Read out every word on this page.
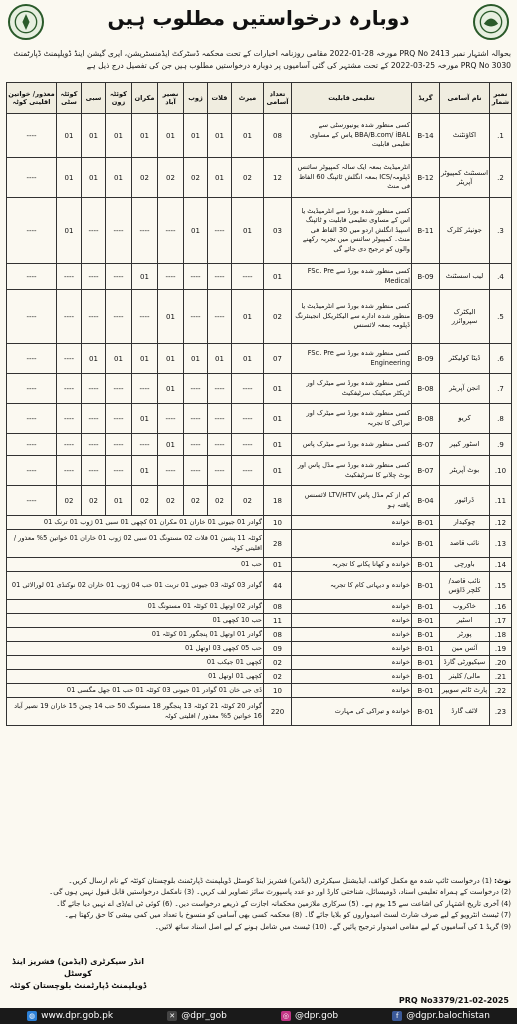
دوبارہ درخواستیں مطلوب ہیں
بحوالہ اشتہار نمبر PRQ No 2413 مورخہ 28-01-2022 مقامی روزنامہ اخبارات کے تحت محکمہ ڈسٹرکٹ ایڈمنسٹریشن، ایری گیشن اینڈ ڈویلپمنٹ ڈپارٹمنٹ
PRQ No 3030 مورخہ 25-03-2022 کے تحت مشتہر کی گئی آسامیوں پر دوبارہ درخواستیں مطلوب ہیں جن کی تفصیل درج ذیل ہے
نمبر شمار	نام آسامی	گریڈ	تعلیمی قابلیت	تعداد آسامی	میرٹ	قلات	ژوب	نصیر آباد	مکران	کوئٹہ زون	سبی	کوئٹہ سٹی	معذور/ خواتین اقلیتی کوٹہ
1.	اکاؤنٹنٹ	B-14	کسی منظور شدہ یونیورسٹی سے BBA/B.com/ iBAL یاس کے مساوی تعلیمی قابلیت	08	01	01	01	01	01	01	01	01	----
2.	اسسٹنٹ کمپیوٹر آپریٹر	B-12	انٹرمیڈیٹ بمعہ ایک سالہ کمپیوٹر سائنس ڈپلومہ/ICS بمعہ انگلش ٹائپنگ 60 الفاظ فی منٹ	12	02	01	02	02	02	01	01	01	----
3.	جونیئر کلرک	B-11	کسی منظور شدہ بورڈ سے انٹرمیڈیٹ یا اس کے مساوی تعلیمی قابلیت و ٹائپنگ اسپیڈ انگلش اردو میں 30 الفاظ فی منٹ۔ کمپیوٹر سائنس میں تجربہ رکھنے والوں کو ترجیح دی جائے گی	03	01	----	01	----	----	----	----	01	----
4.	لیب اسسٹنٹ	B-09	کسی منظور شدہ بورڈ سے FSc. Pre Medical	01	----	----	----	----	01	----	----	----	----
5.	الیکٹرک سپروائزر	B-09	کسی منظور شدہ بورڈ سے انٹرمیڈیٹ یا منظور شدہ ادارے سے الیکٹریکل انجینئرنگ ڈپلومہ بمعہ لائسنس	02	01	----	----	01	----	----	----	----	----
6.	ڈیٹا کولیکٹر	B-09	کسی منظور شدہ بورڈ سے FSc. Pre Engineering	07	01	01	01	01	01	01	01	----	----
7.	انجن آپریٹر	B-08	کسی منظور شدہ بورڈ سے میٹرک اور ٹریکٹر میکینک سرٹیفکیٹ	01	----	----	----	01	----	----	----	----	----
8.	کریو	B-08	کسی منظور شدہ بورڈ سے میٹرک اور تیراکی کا تجربہ	01	----	----	----	----	01	----	----	----	----
9.	اسٹور کیپر	B-07	کسی منظور شدہ بورڈ سے میٹرک پاس	01	----	----	----	01	----	----	----	----	----
10.	بوٹ آپریٹر	B-07	کسی منظور شدہ بورڈ سے مڈل پاس اور بوٹ چلانے کا سرٹیفکیٹ	01	----	----	----	----	01	----	----	----	----
11.	ڈرائیور	B-04	کم از کم مڈل پاس LTV/HTV لائسنس یافتہ ہو	18	02	02	02	02	02	01	02	02	----
12.	چوکیدار	B-01	خواندہ	10	گوادر 01 جیونی 01 خاران 01 مکران 01 کچھی 01 سبی 01 ژوب 01 ترنک 01								
13.	نائب قاصد	B-01	خواندہ	28	کوئٹہ 11 پشین 01 قلات 02 مستونگ 01 سبی 02 ژوب 01 خاران 01 خواتین 5% معذور / اقلیتی کوٹہ								
14.	باورچی	B-01	خواندہ و کھانا پکانے کا تجربہ	01	حب 01								
15.	نائب قاصد/ کلچر ڈاؤس	B-01	خواندہ و دیہاتی کام کا تجربہ	44	گوادر 03 کوئٹہ 03 جیونی 01 تربت 01 حب 04 ژوب 01 خاران 02 نوکنڈی 01 لورالائی 01								
16.	خاکروب	B-01	خواندہ	08	گوادر 02 اوتھل 01 کوئٹہ 01 مستونگ 01								
17.	اسٹیر	B-01	خواندہ	11	حب 10 کچھی 01								
18.	پورٹر	B-01	خواندہ	08	گوادر 01 اوتھل 01 پنجگور 01 کوئٹہ 01								
19.	آئس مین	B-01	خواندہ	09	حب 05 کچھی 03 اوتھل 01								
20.	سیکیورٹی گارڈ	B-01	خواندہ	02	کچھی 01 جیکب 01								
21.	مالی/ کلینر	B-01	خواندہ	02	کچھی 01 اوتھل 01								
22.	پارٹ ٹائم سویپر	B-01	خواندہ	10	ڈی جی خان 01 گوادر 01 جیونی 03 کوئٹہ 01 حب 01 جھل مگسی 01								
23.	لائف گارڈ	B-01	خواندہ و تیراکی کی مہارت	220	گوادر 20 کوئٹہ 21 کوئٹہ 13 پنجگور 18 مستونگ 50 حب 14 چمن 15 خاران 19 نصیر آباد 16 خواتین 5% معذور / اقلیتی کوٹہ								
نوٹ: (1) درخواست ٹائپ شدہ مع مکمل کوائف، ایڈیشنل سیکرٹری (ایڈمن) فشریز اینڈ کوسٹل ڈویلپمنٹ ڈپارٹمنٹ بلوچستان کوئٹہ کے نام ارسال کریں۔
(2) درخواست کے ہمراہ تعلیمی اسناد، ڈومیسائل، شناختی کارڈ اور دو عدد پاسپورٹ سائز تصاویر لف کریں۔ (3) نامکمل درخواستیں قابل قبول نہیں ہوں گی۔
(4) آخری تاریخ اشتہار کی اشاعت سے 15 یوم ہے۔ (5) سرکاری ملازمین محکمانہ اجازت کے ذریعے درخواست دیں۔ (6) کوئی ٹی اے/ڈی اے نہیں دیا جائے گا۔
(7) ٹیسٹ انٹرویو کے لیے صرف شارٹ لسٹ امیدواروں کو بلایا جائے گا۔ (8) محکمہ کسی بھی آسامی کو منسوخ یا تعداد میں کمی بیشی کا حق رکھتا ہے۔
(9) گریڈ 1 کی آسامیوں کے لیے مقامی امیدوار ترجیح پائیں گے۔ (10) ٹیسٹ میں شامل ہونے کے لیے اصل اسناد ساتھ لائیں۔
انڈر سیکرٹری (ایڈمن) فشریز اینڈ کوسٹل
ڈویلپمنٹ ڈپارٹمنٹ بلوچستان کوئٹہ
PRQ No3379/21-02-2025
◍ www.dpr.gob.pk	✕ @dpr_gob	◎ @dpr.gob	f @dgpr.balochistan
